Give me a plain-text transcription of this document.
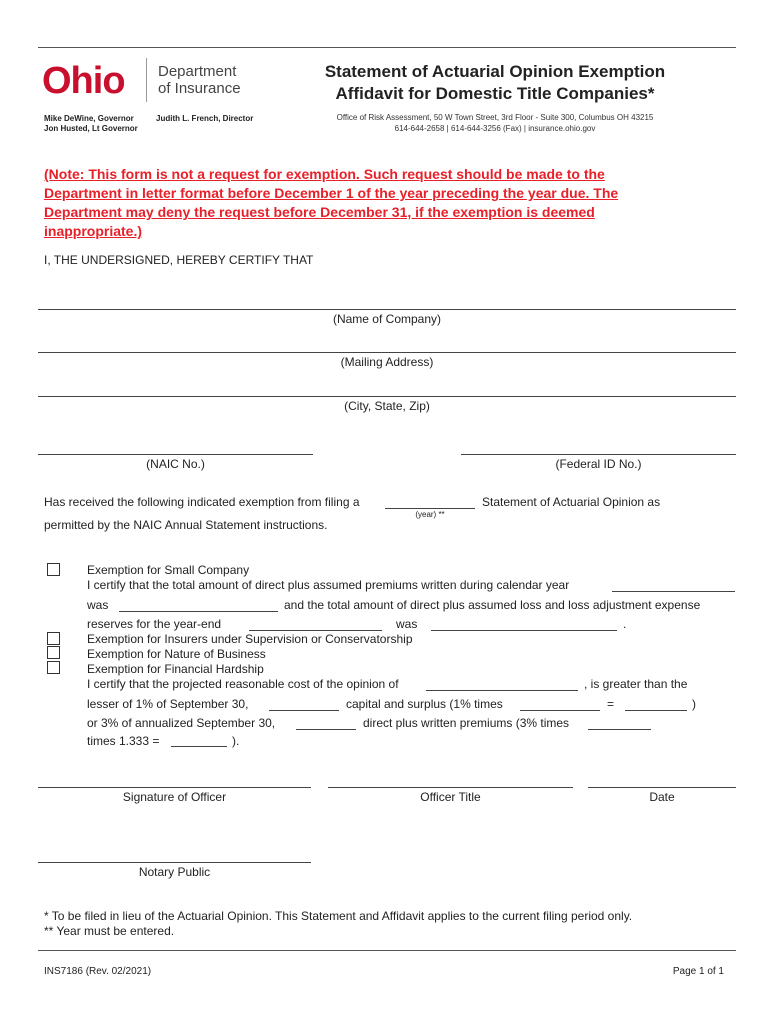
Ohio Department
of Insurance
Mike DeWine, Governor
Jon Husted, Lt Governor
Judith L. French, Director
Statement of Actuarial Opinion Exemption
Affidavit for Domestic Title Companies*
Office of Risk Assessment, 50 W Town Street, 3rd Floor - Suite 300, Columbus OH 43215
614-644-2658 | 614-644-3256 (Fax) | insurance.ohio.gov
(Note: This form is not a request for exemption. Such request should be made to the
Department in letter format before December 1 of the year preceding the year due. The
Department may deny the request before December 31, if the exemption is deemed
inappropriate.)
I, THE UNDERSIGNED, HEREBY CERTIFY THAT
(Name of Company)
(Mailing Address)
(City, State, Zip)
(NAIC No.)	(Federal ID No.)
Has received the following indicated exemption from filing a
(year) **
Statement of Actuarial Opinion as
permitted by the NAIC Annual Statement instructions.
Exemption for Small Company
I certify that the total amount of direct plus assumed premiums written during calendar year
was	and the total amount of direct plus assumed loss and loss adjustment expense
reserves for the year-end	was	.
Exemption for Insurers under Supervision or Conservatorship
Exemption for Nature of Business
Exemption for Financial Hardship
I certify that the projected reasonable cost of the opinion of	, is greater than the
lesser of 1% of September 30,	capital and surplus (1% times	=	)
or 3% of annualized September 30,	direct plus written premiums (3% times
times 1.333 =	).
Signature of Officer	Officer Title	Date
Notary Public
* To be filed in lieu of the Actuarial Opinion. This Statement and Affidavit applies to the current filing period only.
** Year must be entered.
INS7186 (Rev. 02/2021)	Page 1 of 1
